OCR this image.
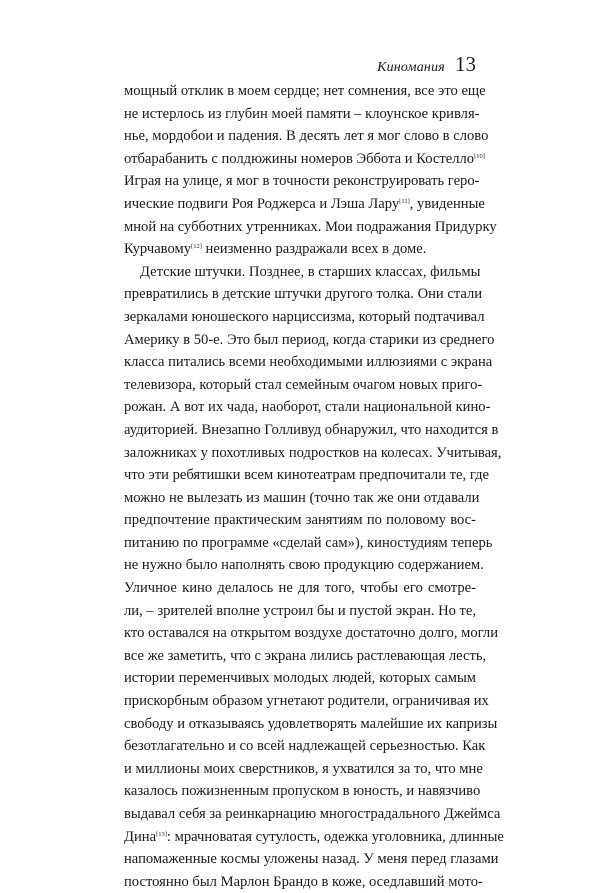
Киномания 13
мощный отклик в моем сердце; нет сомнения, все это еще
не истерлось из глубин моей памяти – клоунское кривля-
нье, мордобои и падения. В десять лет я мог слово в слово
отбарабанить с полдюжины номеров Эббота и Костелло[10]
Играя на улице, я мог в точности реконструировать геро-
ические подвиги Роя Роджерса и Лэша Лару[11], увиденные
мной на субботних утренниках. Мои подражания Придурку
Курчавому[12] неизменно раздражали всех в доме.
Детские штучки. Позднее, в старших классах, фильмы
превратились в детские штучки другого толка. Они стали
зеркалами юношеского нарциссизма, который подтачивал
Америку в 50-е. Это был период, когда старики из среднего
класса питались всеми необходимыми иллюзиями с экрана
телевизора, который стал семейным очагом новых приго-
рожан. А вот их чада, наоборот, стали национальной кино-
аудиторией. Внезапно Голливуд обнаружил, что находится в
заложниках у похотливых подростков на колесах. Учитывая,
что эти ребятишки всем кинотеатрам предпочитали те, где
можно не вылезать из машин (точно так же они отдавали
предпочтение практическим занятиям по половому вос-
питанию по программе «сделай сам»), киностудиям теперь
не нужно было наполнять свою продукцию содержанием.
Уличное кино делалось не для того, чтобы его смотре-
ли, – зрителей вполне устроил бы и пустой экран. Но те,
кто оставался на открытом воздухе достаточно долго, могли
все же заметить, что с экрана лились растлевающая лесть,
истории переменчивых молодых людей, которых самым
прискорбным образом угнетают родители, ограничивая их
свободу и отказываясь удовлетворять малейшие их капризы
безотлагательно и со всей надлежащей серьезностью. Как
и миллионы моих сверстников, я ухватился за то, что мне
казалось пожизненным пропуском в юность, и навязчиво
выдавал себя за реинкарнацию многострадального Джеймса
Дина[13]: мрачноватая сутулость, одежка уголовника, длинные
напомаженные космы уложены назад. У меня перед глазами
постоянно был Марлон Брандо в коже, оседлавший мото-
